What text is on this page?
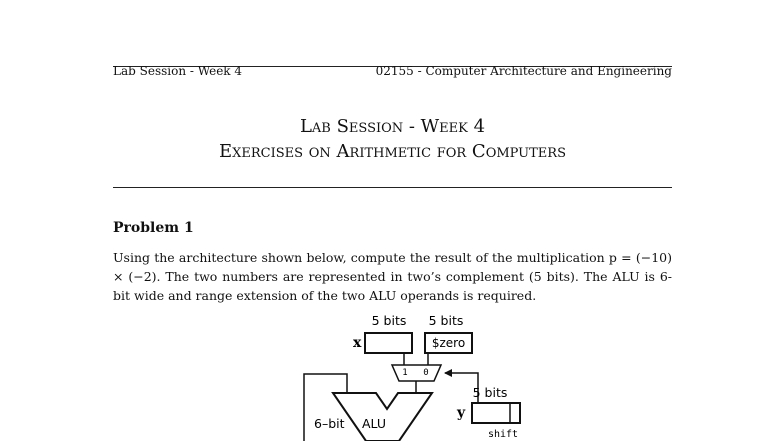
Lab Session - Week 4	02155 - Computer Architecture and Engineering
Lab Session - Week 4
Exercises on Arithmetic for Computers
Problem 1

Using the architecture shown below, compute the result of the multiplication p = (−10) × (−2). The two numbers are represented in two’s complement (5 bits). The ALU is 6-bit wide and range extension of the two ALU operands is required.

5 bits 5 bits
x	$zero
1 0
5 bits
y
shift
6–bit ALU
